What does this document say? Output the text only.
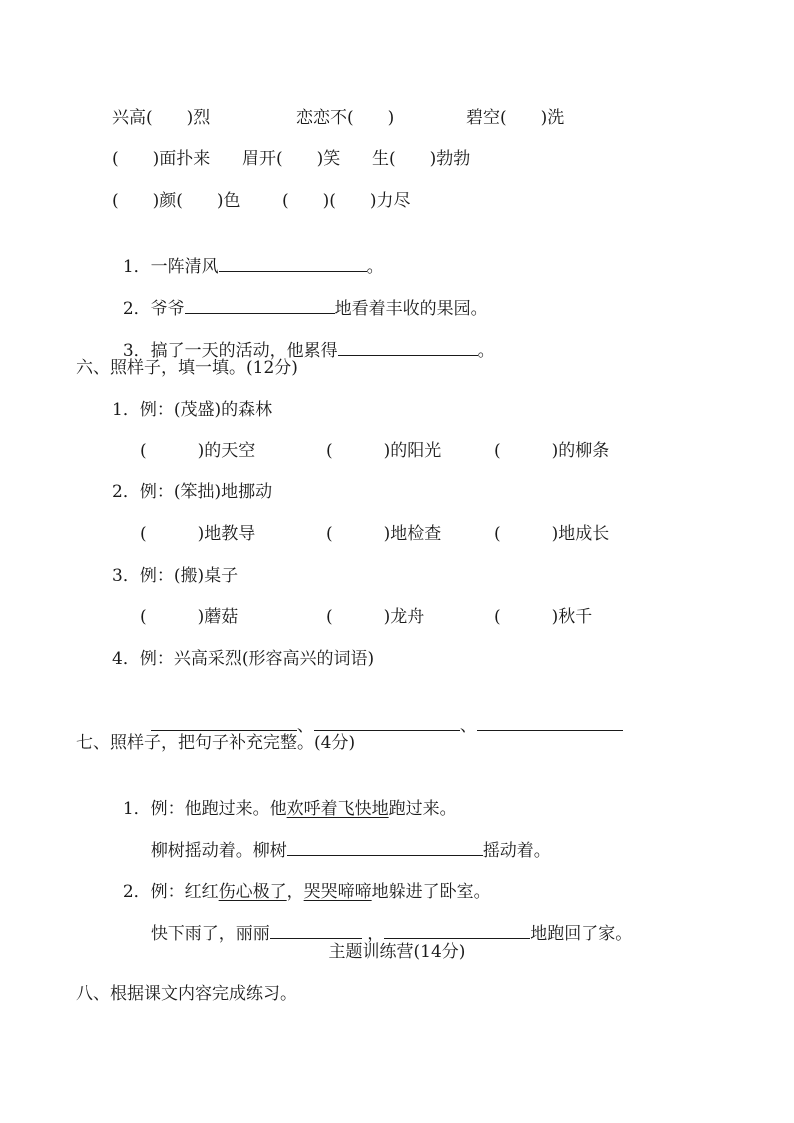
兴高(　　)烈	恋恋不(　　)	碧空(　　)洗
(　　)面扑来 眉开(　　)笑 生(　　)勃勃
(　　)颜(　　)色 (　　)(　　)力尽

1．一阵清风	。

2．爷爷	地看着丰收的果园。

3．搞了一天的活动，他累得	。

六、照样子，填一填。(12分)
1．例：(茂盛)的森林
(　　　)的天空	(　　　)的阳光	(　　　)的柳条
2．例：(笨拙)地挪动
(　　　)地教导	(　　　)地检查	(　　　)地成长
3．例：(搬)桌子
(　　　)蘑菇	(　　　)龙舟	(　　　)秋千
4．例：兴高采烈(形容高兴的词语)

、	、

七、照样子，把句子补充完整。(4分)

1．例：他跑过来。他欢呼着飞快地跑过来。

柳树摇动着。柳树	摇动着。

2．例：红红伤心极了，哭哭啼啼地躲进了卧室。

快下雨了，丽丽	，	地跑回了家。

主题训练营(14分)
八、根据课文内容完成练习。
